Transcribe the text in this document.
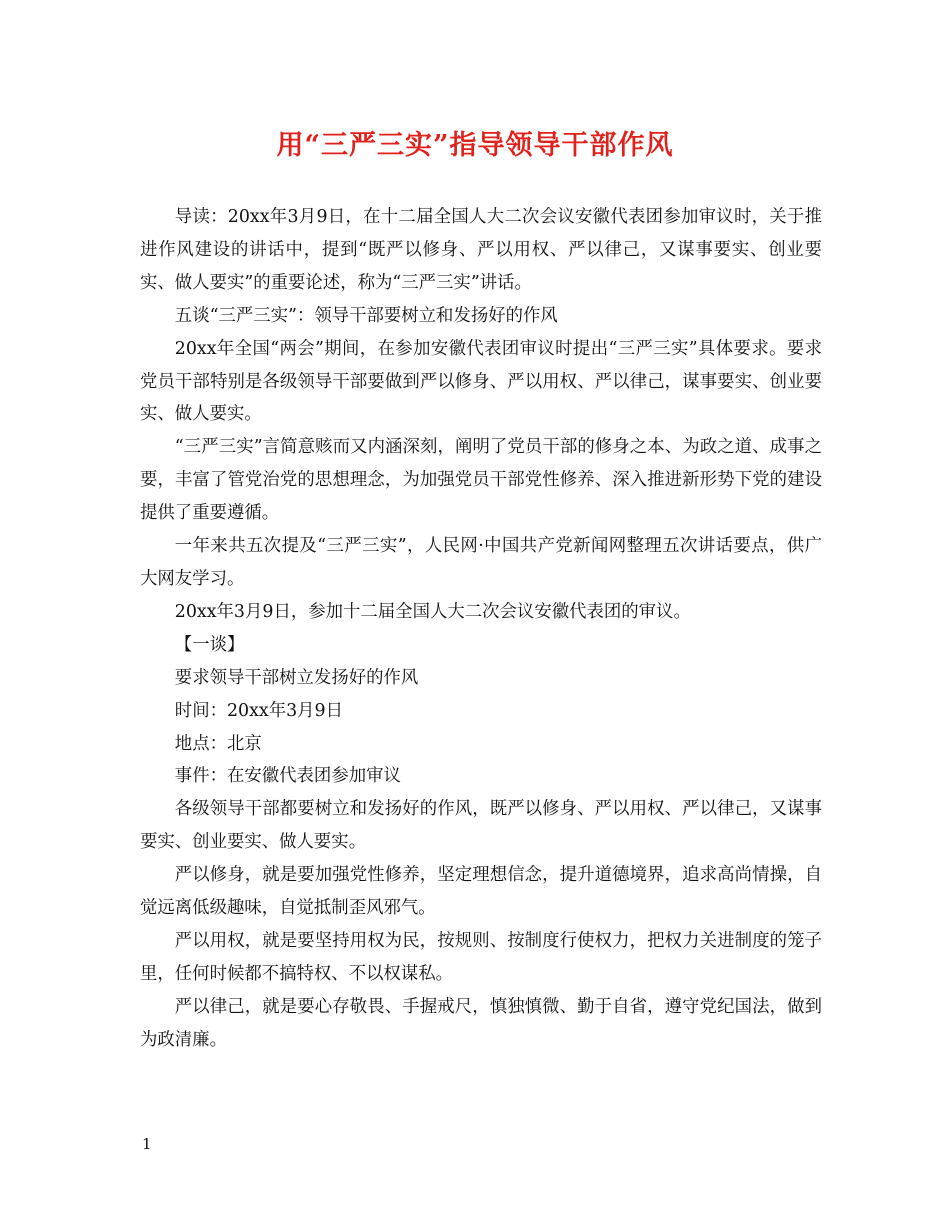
用“三严三实”指导领导干部作风

导读：20xx年3月9日，在十二届全国人大二次会议安徽代表团参加审议时，关于推进作风建设的讲话中，提到“既严以修身、严以用权、严以律己，又谋事要实、创业要实、做人要实”的重要论述，称为“三严三实”讲话。

五谈“三严三实”：领导干部要树立和发扬好的作风

20xx年全国“两会”期间，在参加安徽代表团审议时提出“三严三实”具体要求。要求党员干部特别是各级领导干部要做到严以修身、严以用权、严以律己，谋事要实、创业要实、做人要实。

“三严三实”言简意赅而又内涵深刻，阐明了党员干部的修身之本、为政之道、成事之要，丰富了管党治党的思想理念，为加强党员干部党性修养、深入推进新形势下党的建设提供了重要遵循。

一年来共五次提及“三严三实”，人民网·中国共产党新闻网整理五次讲话要点，供广大网友学习。

20xx年3月9日，参加十二届全国人大二次会议安徽代表团的审议。

【一谈】

要求领导干部树立发扬好的作风

时间：20xx年3月9日

地点：北京

事件：在安徽代表团参加审议

各级领导干部都要树立和发扬好的作风，既严以修身、严以用权、严以律己，又谋事要实、创业要实、做人要实。

严以修身，就是要加强党性修养，坚定理想信念，提升道德境界，追求高尚情操，自觉远离低级趣味，自觉抵制歪风邪气。

严以用权，就是要坚持用权为民，按规则、按制度行使权力，把权力关进制度的笼子里，任何时候都不搞特权、不以权谋私。

严以律己，就是要心存敬畏、手握戒尺，慎独慎微、勤于自省，遵守党纪国法，做到为政清廉。

1
